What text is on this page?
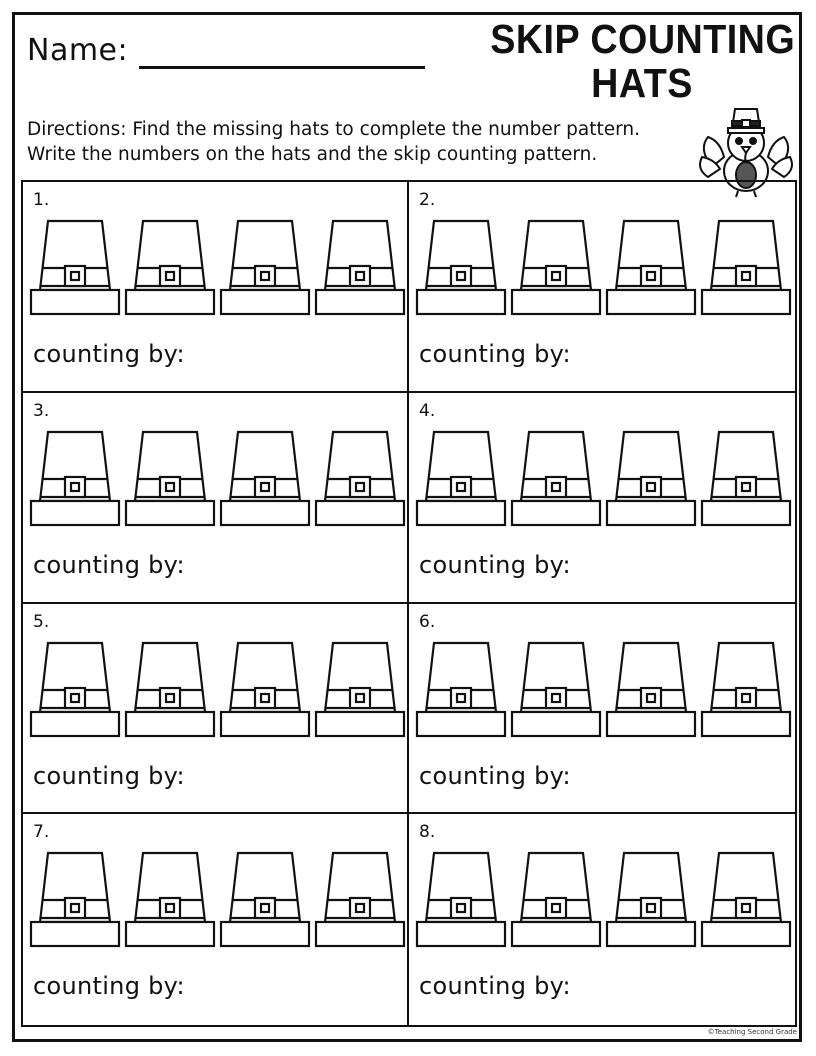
Name:	SKIP COUNTING
HATS
Directions: Find the missing hats to complete the number pattern.
Write the numbers on the hats and the skip counting pattern.
1.
counting by:
2.
counting by:
3.
counting by:
4.
counting by:
5.
counting by:
6.
counting by:
7.
counting by:
8.
counting by:
©Teaching Second Grade
